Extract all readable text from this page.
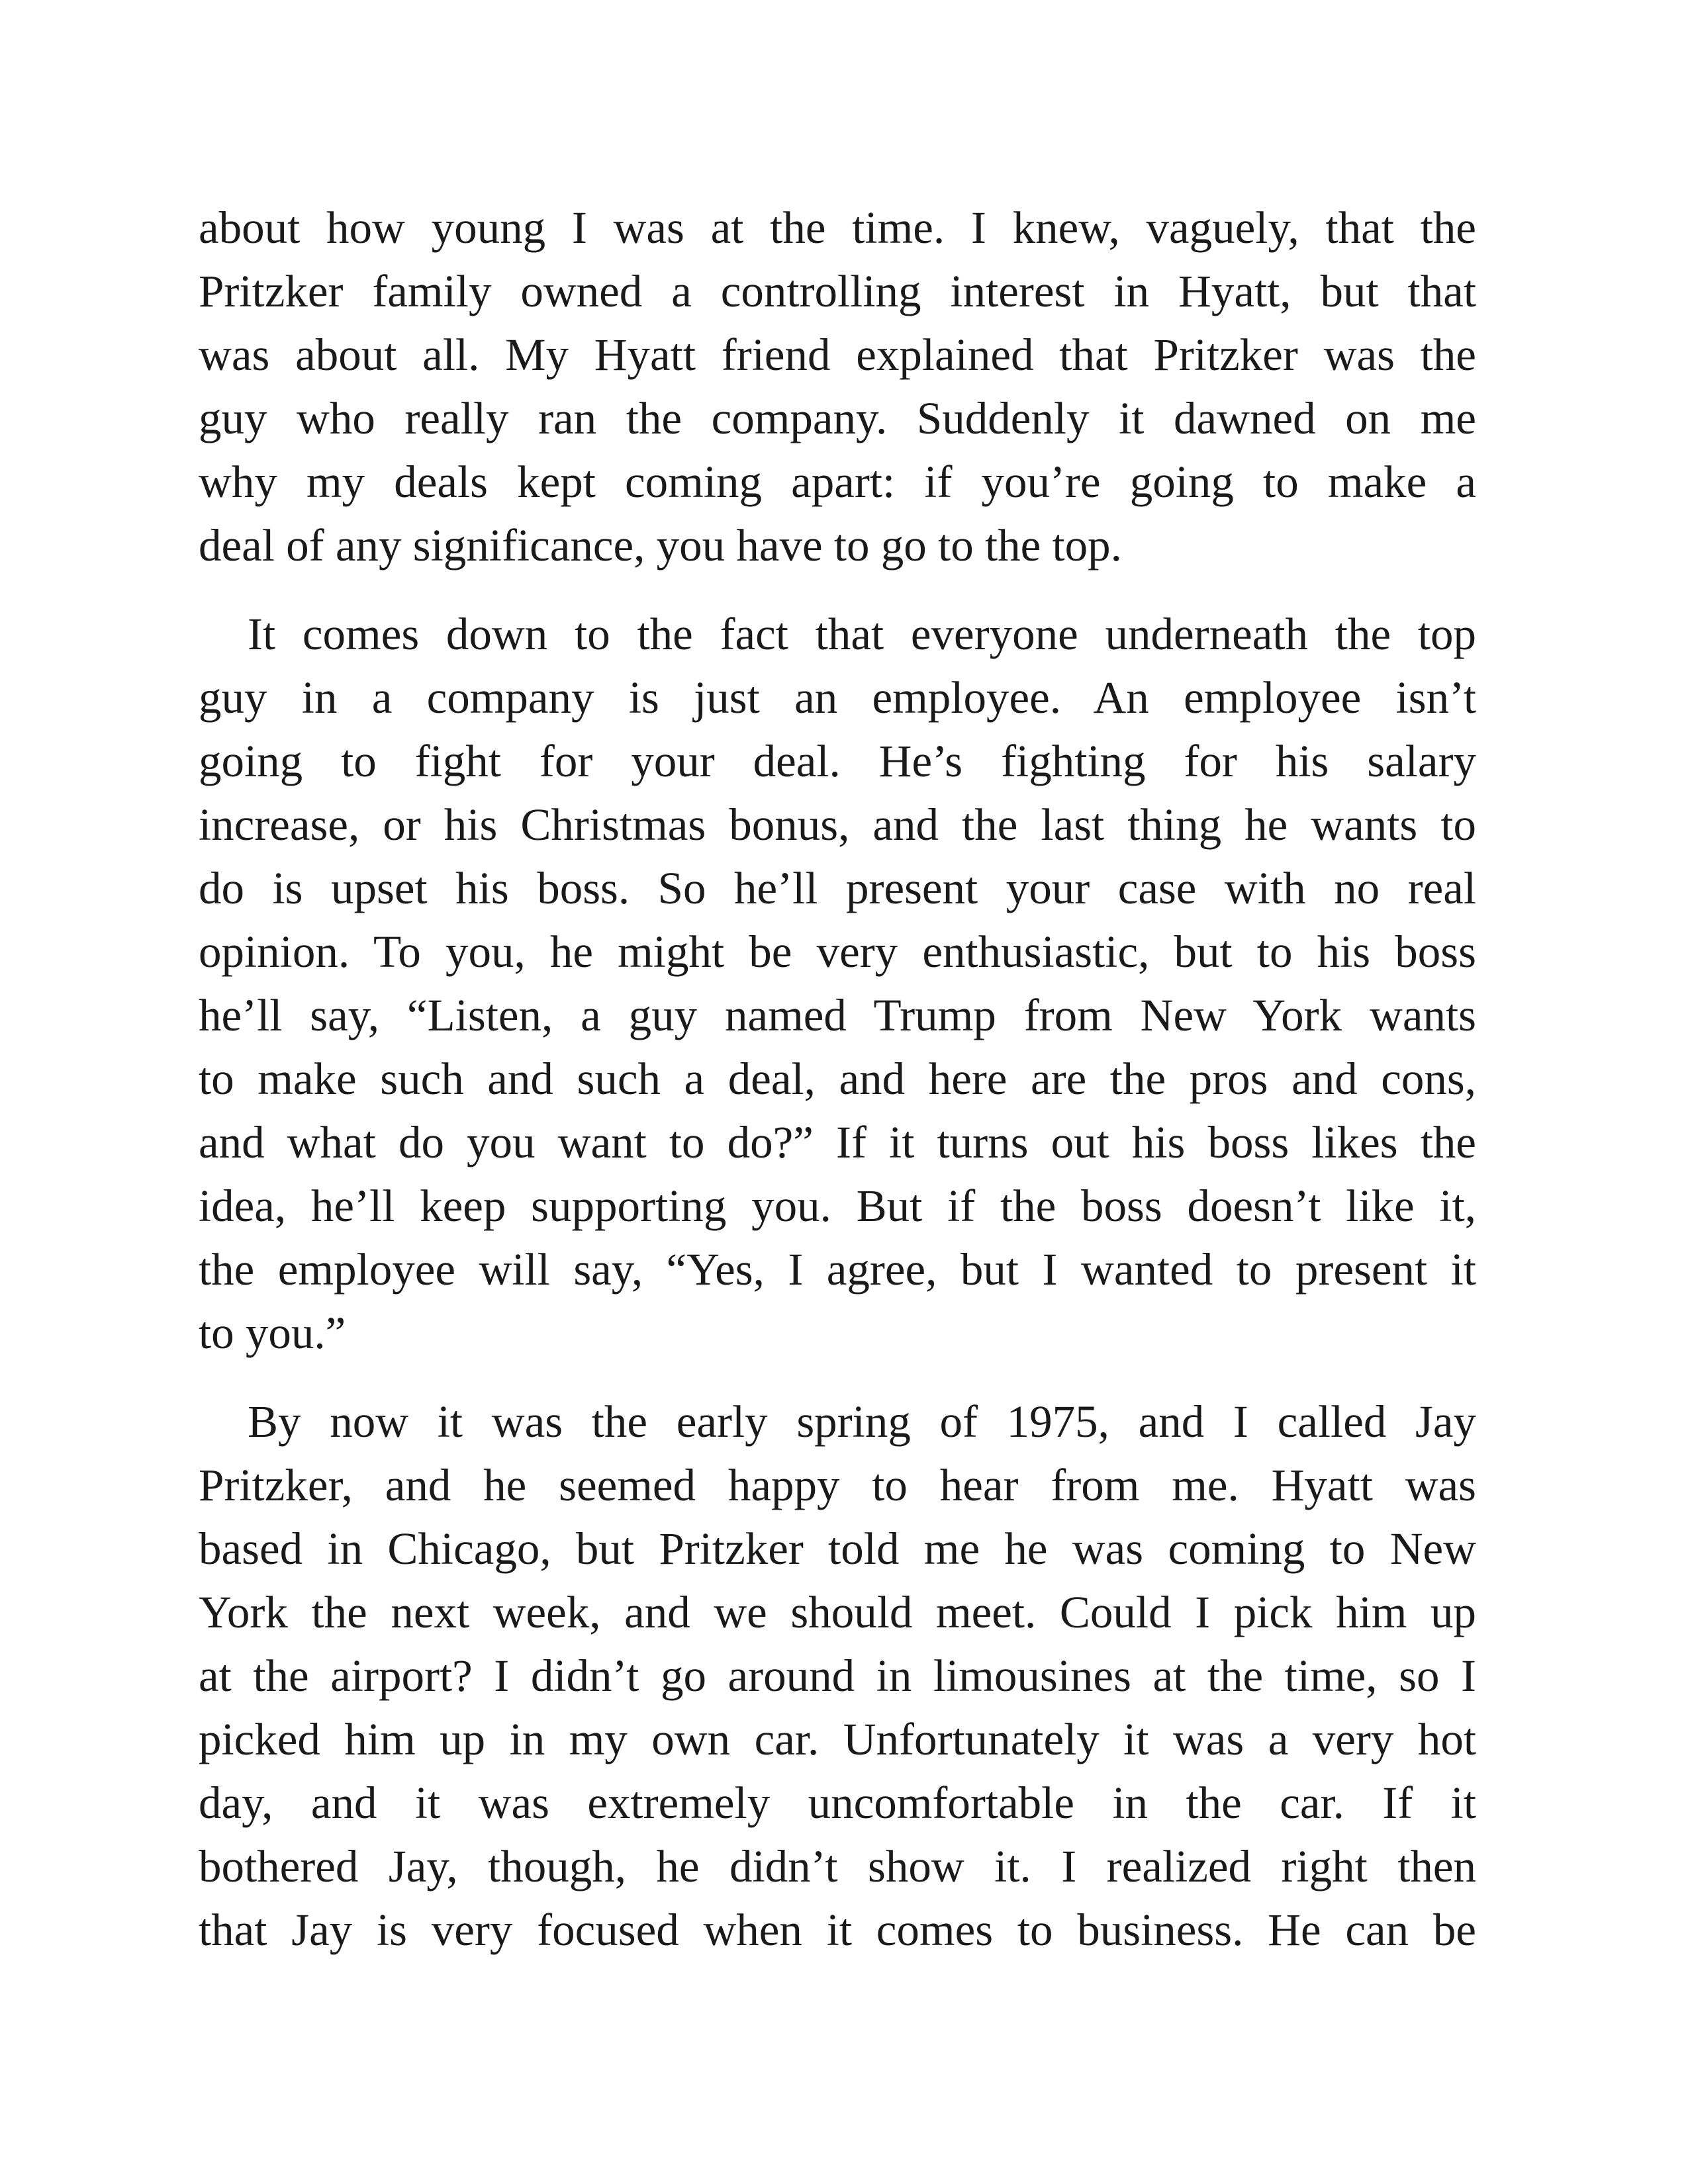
about how young I was at the time. I knew, vaguely, that the
Pritzker family owned a controlling interest in Hyatt, but that
was about all. My Hyatt friend explained that Pritzker was the
guy who really ran the company. Suddenly it dawned on me
why my deals kept coming apart: if you’re going to make a
deal of any significance, you have to go to the top.
It comes down to the fact that everyone underneath the top
guy in a company is just an employee. An employee isn’t
going to fight for your deal. He’s fighting for his salary
increase, or his Christmas bonus, and the last thing he wants to
do is upset his boss. So he’ll present your case with no real
opinion. To you, he might be very enthusiastic, but to his boss
he’ll say, “Listen, a guy named Trump from New York wants
to make such and such a deal, and here are the pros and cons,
and what do you want to do?” If it turns out his boss likes the
idea, he’ll keep supporting you. But if the boss doesn’t like it,
the employee will say, “Yes, I agree, but I wanted to present it
to you.”
By now it was the early spring of 1975, and I called Jay
Pritzker, and he seemed happy to hear from me. Hyatt was
based in Chicago, but Pritzker told me he was coming to New
York the next week, and we should meet. Could I pick him up
at the airport? I didn’t go around in limousines at the time, so I
picked him up in my own car. Unfortunately it was a very hot
day, and it was extremely uncomfortable in the car. If it
bothered Jay, though, he didn’t show it. I realized right then
that Jay is very focused when it comes to business. He can be
